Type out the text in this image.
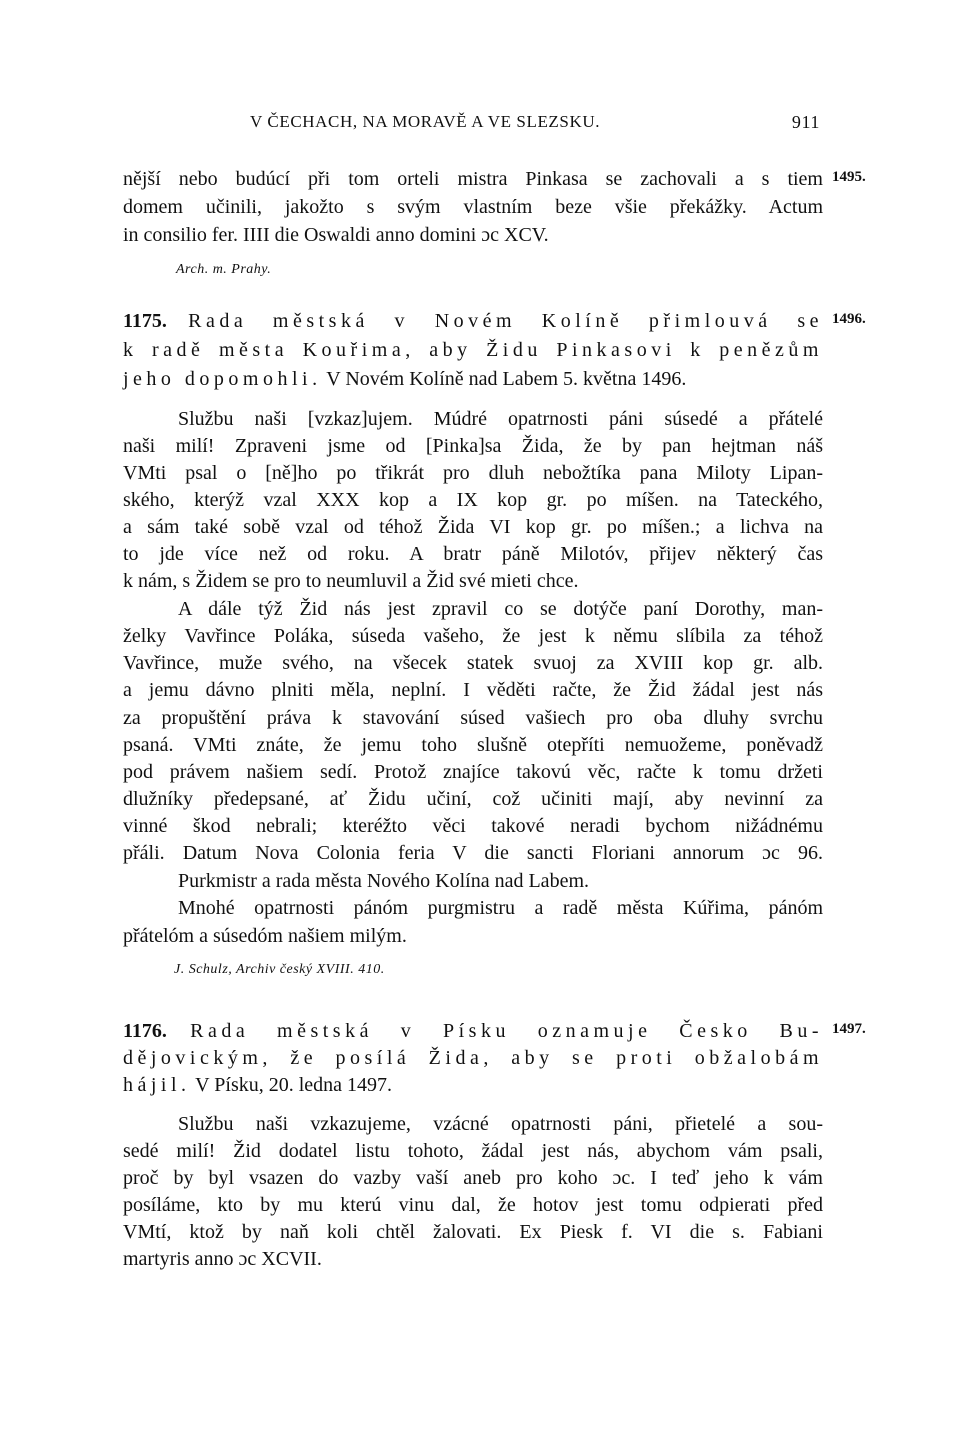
V ČECHACH, NA MORAVĚ A VE SLEZSKU.	911
nější nebo budúcí při tom orteli mistra Pinkasa se zachovali a s tiem
domem učinili, jakožto s svým vlastním beze všie překážky. Actum
in consilio fer. IIII die Oswaldi anno domini ɔc XCV.
1495.
Arch. m. Prahy.
1175. Rada městská v Novém Kolíně přimlouvá se 1496.
k radě města Kouřima, aby Židu Pinkasovi k penězům
jeho dopomohli. V Novém Kolíně nad Labem 5. května 1496.
Službu naši [vzkaz]ujem. Múdré opatrnosti páni súsedé a přátelé
naši milí! Zpraveni jsme od [Pinka]sa Žida, že by pan hejtman náš
VMti psal o [ně]ho po třikrát pro dluh nebožtíka pana Miloty Lipan-
ského, kterýž vzal XXX kop a IX kop gr. po míšen. na Tateckého,
a sám také sobě vzal od téhož Žida VI kop gr. po míšen.; a lichva na
to jde více než od roku. A bratr páně Milotóv, přijev některý čas
k nám, s Židem se pro to neumluvil a Žid své mieti chce.
A dále týž Žid nás jest zpravil co se dotýče paní Dorothy, man-
želky Vavřince Poláka, súseda vašeho, že jest k němu slíbila za téhož
Vavřince, muže svého, na všecek statek svuoj za XVIII kop gr. alb.
a jemu dávno plniti měla, neplní. I věděti račte, že Žid žádal jest nás
za propuštění práva k stavování súsed vašiech pro oba dluhy svrchu
psaná. VMti znáte, že jemu toho slušně otepříti nemuožeme, poněvadž
pod právem našiem sedí. Protož znajíce takovú věc, račte k tomu držeti
dlužníky předepsané, ať Židu učiní, což učiniti mají, aby nevinní za
vinné škod nebrali; kteréžto věci takové neradi bychom nižádnému
přáli. Datum Nova Colonia feria V die sancti Floriani annorum ɔc 96.
Purkmistr a rada města Nového Kolína nad Labem.
Mnohé opatrnosti pánóm purgmistru a radě města Kúřima, pánóm
přátelóm a súsedóm našiem milým.
J. Schulz, Archiv český XVIII. 410.
1176. Rada městská v Písku oznamuje Česko Bu- 1497.
dějovickým, že posílá Žida, aby se proti obžalobám
hájil. V Písku, 20. ledna 1497.
Službu naši vzkazujeme, vzácné opatrnosti páni, přietelé a sou-
sedé milí! Žid dodatel listu tohoto, žádal jest nás, abychom vám psali,
proč by byl vsazen do vazby vaší aneb pro koho ɔc. I teď jeho k vám
posíláme, kto by mu kterú vinu dal, že hotov jest tomu odpierati před
VMtí, ktož by naň koli chtěl žalovati. Ex Piesk f. VI die s. Fabiani
martyris anno ɔc XCVII.
